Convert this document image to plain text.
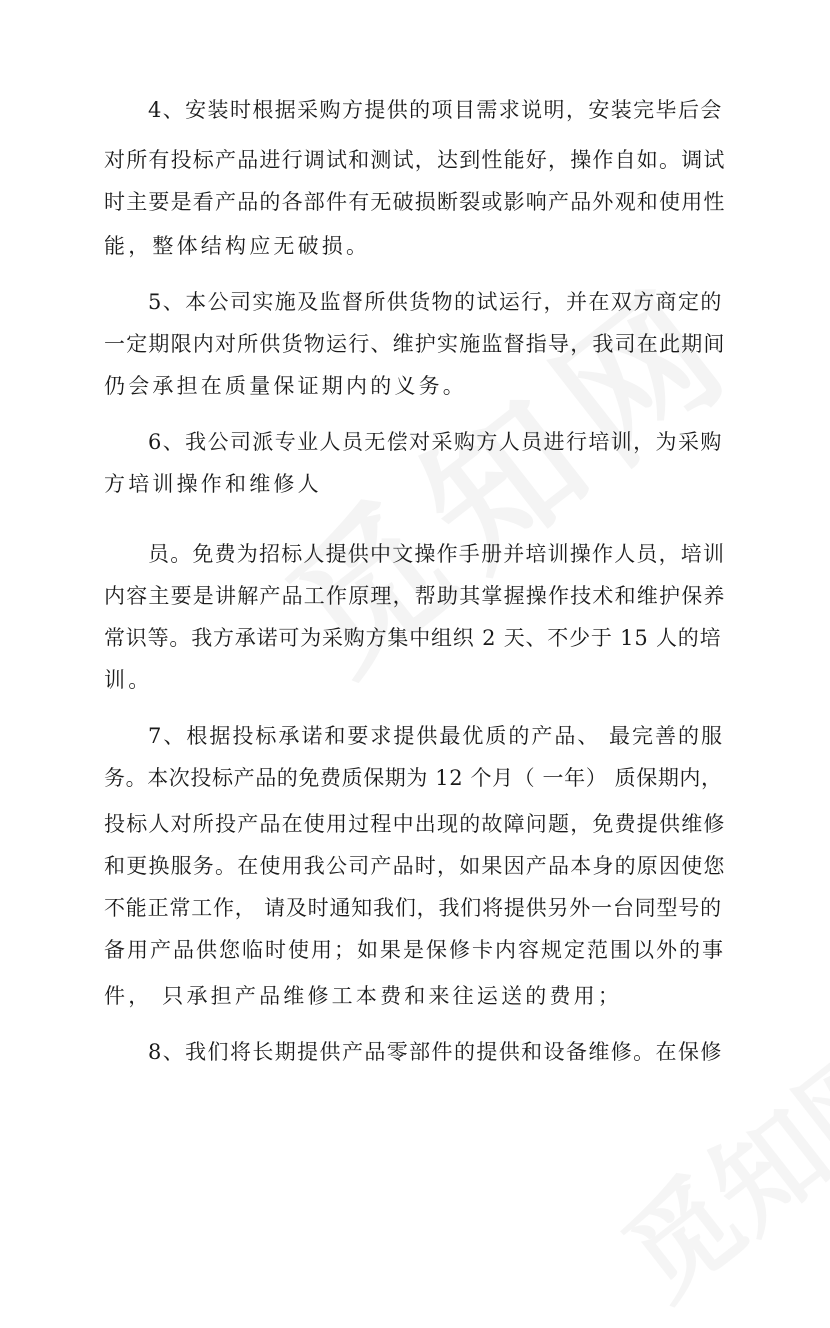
4、安装时根据采购方提供的项目需求说明，安装完毕后会
对所有投标产品进行调试和测试，达到性能好，操作自如。调试
时主要是看产品的各部件有无破损断裂或影响产品外观和使用性
能，整体结构应无破损。
5、本公司实施及监督所供货物的试运行，并在双方商定的
一定期限内对所供货物运行、维护实施监督指导，我司在此期间
仍会承担在质量保证期内的义务。
6、我公司派专业人员无偿对采购方人员进行培训，为采购
方培训操作和维修人
员。免费为招标人提供中文操作手册并培训操作人员，培训
内容主要是讲解产品工作原理，帮助其掌握操作技术和维护保养
常识等。我方承诺可为采购方集中组织 2 天、不少于 15 人的培
训。
7、根据投标承诺和要求提供最优质的产品、 最完善的服
务。本次投标产品的免费质保期为 12 个月（ 一年） 质保期内，
投标人对所投产品在使用过程中出现的故障问题，免费提供维修
和更换服务。在使用我公司产品时，如果因产品本身的原因使您
不能正常工作， 请及时通知我们，我们将提供另外一台同型号的
备用产品供您临时使用；如果是保修卡内容规定范围以外的事
件， 只承担产品维修工本费和来往运送的费用；
8、我们将长期提供产品零部件的提供和设备维修。在保修
